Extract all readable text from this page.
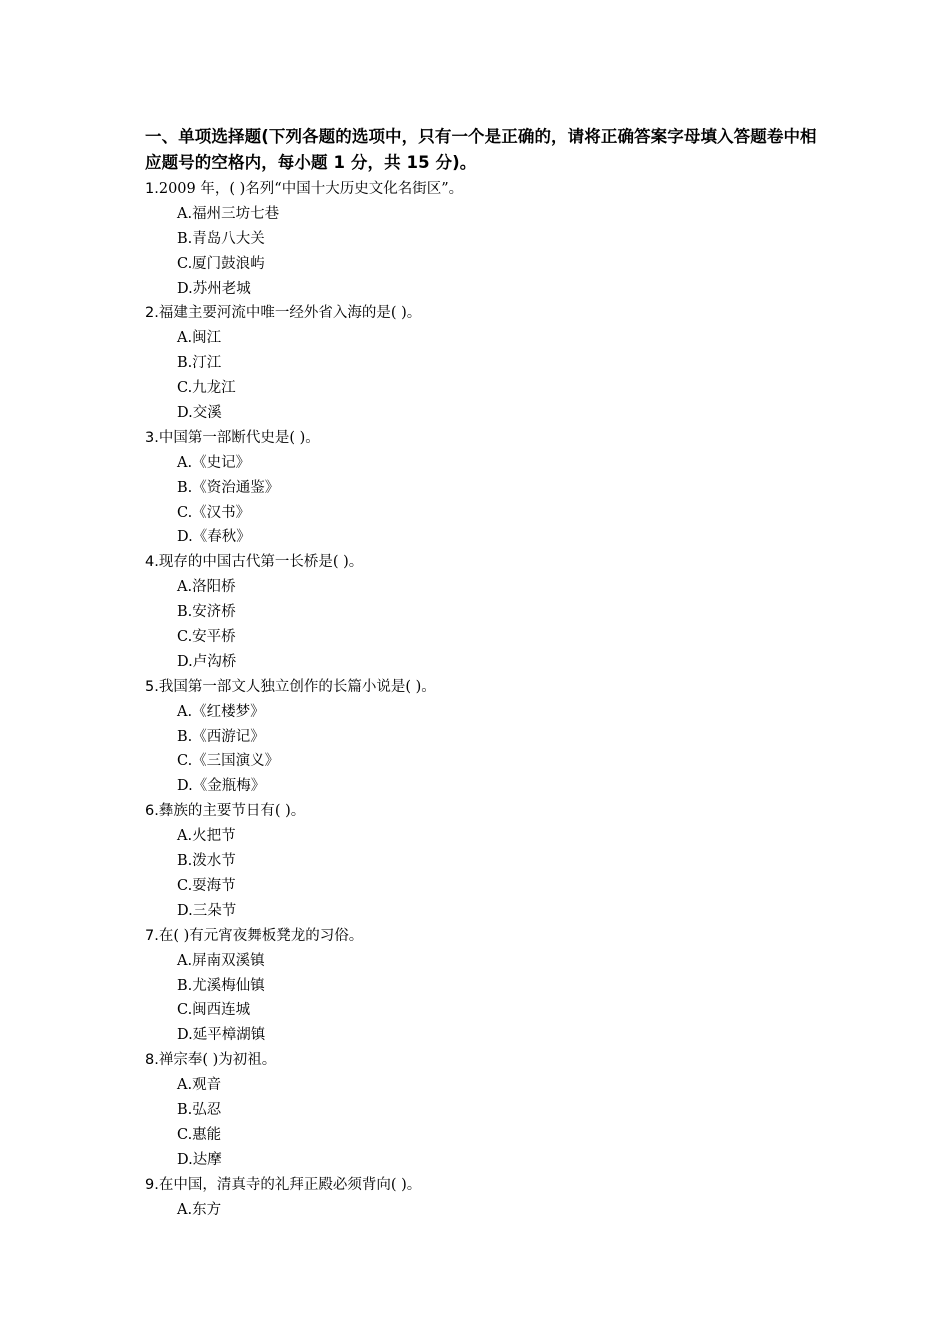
一、单项选择题(下列各题的选项中，只有一个是正确的，请将正确答案字母填入答题卷中相应题号的空格内，每小题 1 分，共 15 分)。
1.2009 年，( )名列“中国十大历史文化名街区”。
A.福州三坊七巷
B.青岛八大关
C.厦门鼓浪屿
D.苏州老城
2.福建主要河流中唯一经外省入海的是( )。
A.闽江
B.汀江
C.九龙江
D.交溪
3.中国第一部断代史是( )。
A.《史记》
B.《资治通鉴》
C.《汉书》
D.《春秋》
4.现存的中国古代第一长桥是( )。
A.洛阳桥
B.安济桥
C.安平桥
D.卢沟桥
5.我国第一部文人独立创作的长篇小说是( )。
A.《红楼梦》
B.《西游记》
C.《三国演义》
D.《金瓶梅》
6.彝族的主要节日有( )。
A.火把节
B.泼水节
C.耍海节
D.三朵节
7.在( )有元宵夜舞板凳龙的习俗。
A.屏南双溪镇
B.尤溪梅仙镇
C.闽西连城
D.延平樟湖镇
8.禅宗奉( )为初祖。
A.观音
B.弘忍
C.惠能
D.达摩
9.在中国，清真寺的礼拜正殿必须背向( )。
A.东方
